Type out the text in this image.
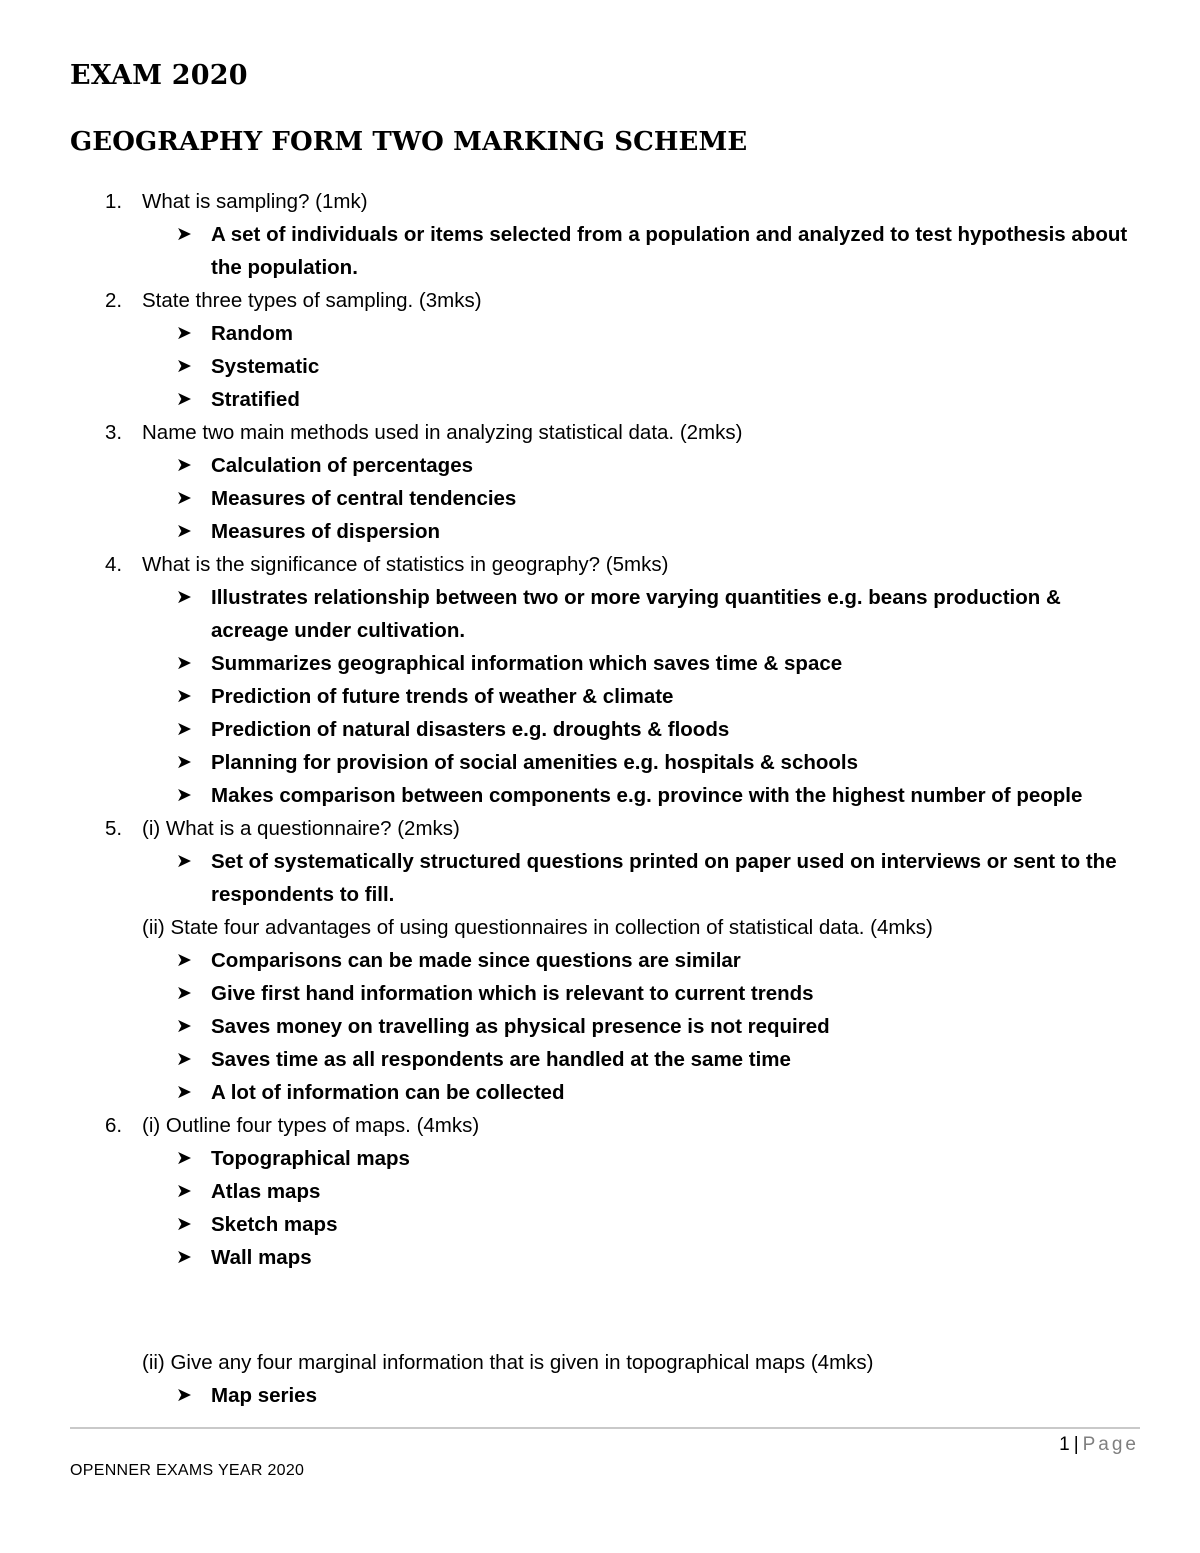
EXAM 2020
GEOGRAPHY FORM TWO MARKING SCHEME
1. What is sampling? (1mk)
➤ A set of individuals or items selected from a population and analyzed to test hypothesis about the population.
2. State three types of sampling. (3mks)
➤ Random
➤ Systematic
➤ Stratified
3. Name two main methods used in analyzing statistical data. (2mks)
➤ Calculation of percentages
➤ Measures of central tendencies
➤ Measures of dispersion
4. What is the significance of statistics in geography? (5mks)
➤ Illustrates relationship between two or more varying quantities e.g. beans production & acreage under cultivation.
➤ Summarizes geographical information which saves time & space
➤ Prediction of future trends of weather & climate
➤ Prediction of natural disasters e.g. droughts & floods
➤ Planning for provision of social amenities e.g. hospitals & schools
➤ Makes comparison between components e.g. province with the highest number of people
5. (i) What is a questionnaire? (2mks)
➤ Set of systematically structured questions printed on paper used on interviews or sent to the respondents to fill.
(ii) State four advantages of using questionnaires in collection of statistical data. (4mks)
➤ Comparisons can be made since questions are similar
➤ Give first hand information which is relevant to current trends
➤ Saves money on travelling as physical presence is not required
➤ Saves time as all respondents are handled at the same time
➤ A lot of information can be collected
6. (i) Outline four types of maps. (4mks)
➤ Topographical maps
➤ Atlas maps
➤ Sketch maps
➤ Wall maps
(ii) Give any four marginal information that is given in topographical maps (4mks)
➤ Map series
1 | Page
OPENNER EXAMS YEAR 2020
